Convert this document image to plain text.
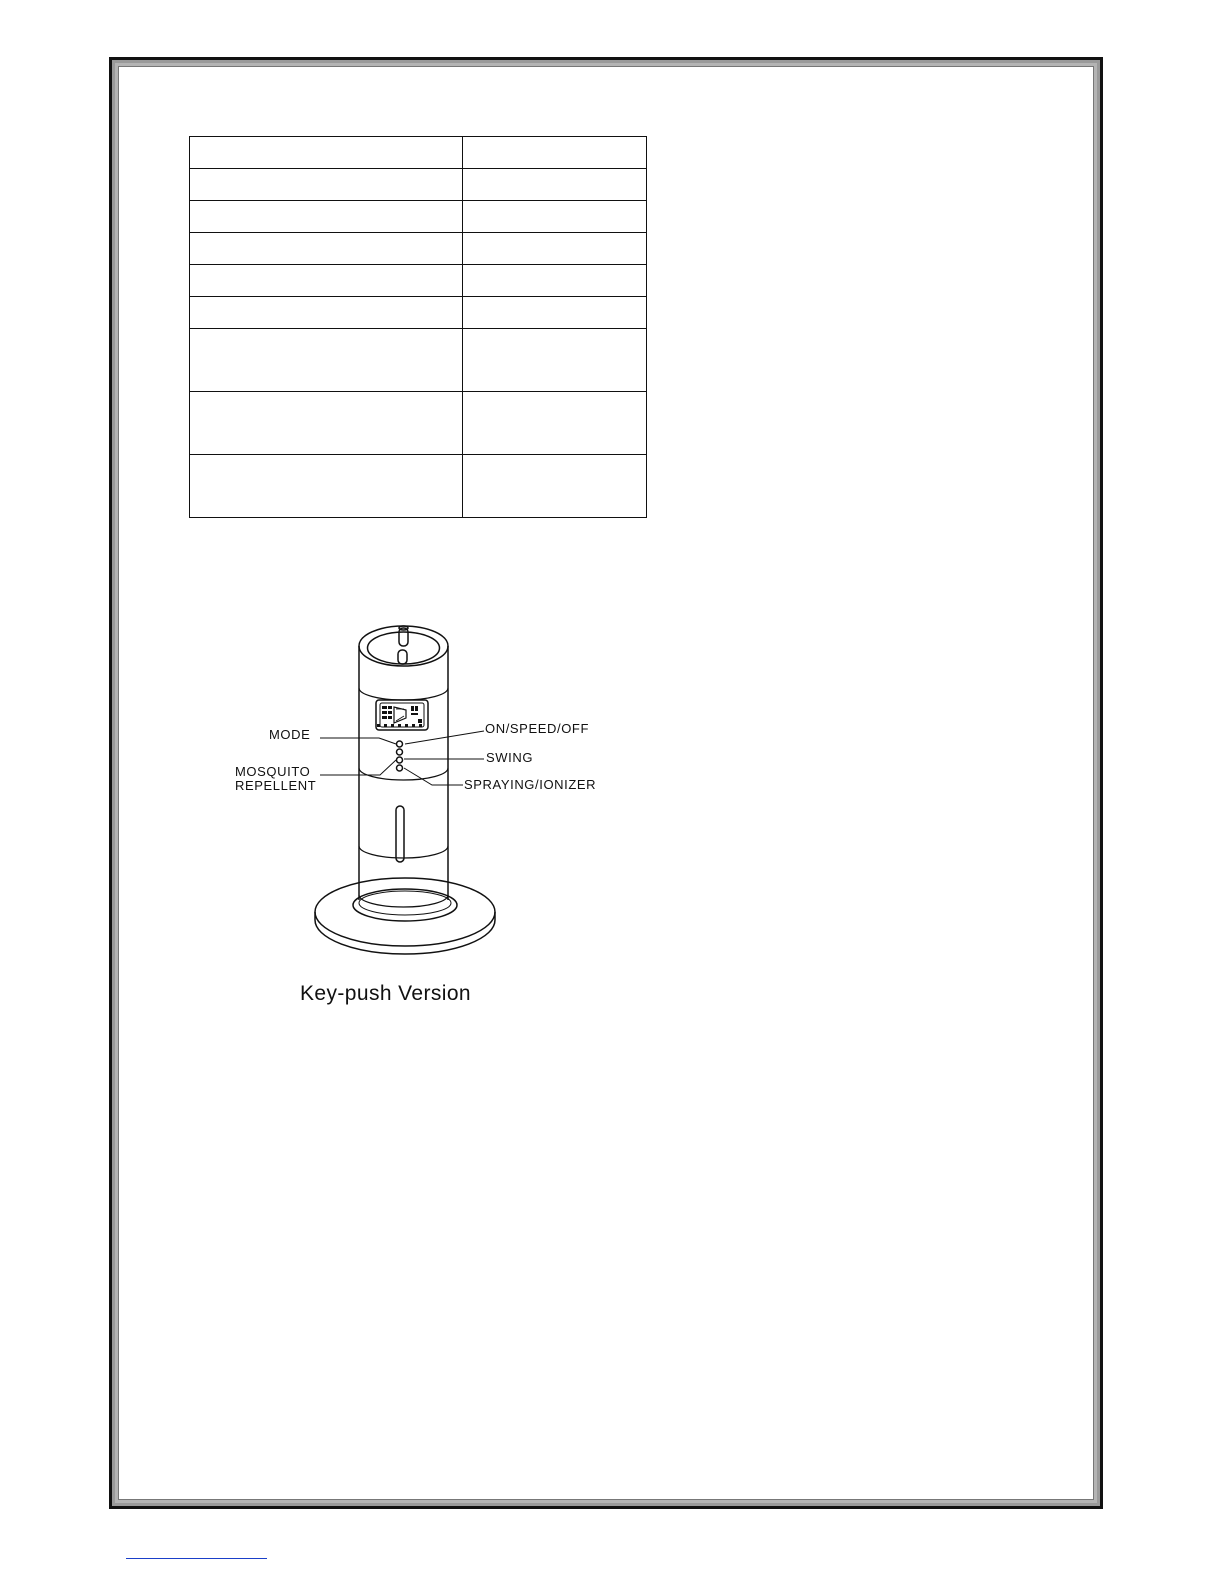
MODE
MOSQUITO
REPELLENT
ON/SPEED/OFF
SWING
SPRAYING/IONIZER
Key-push Version
